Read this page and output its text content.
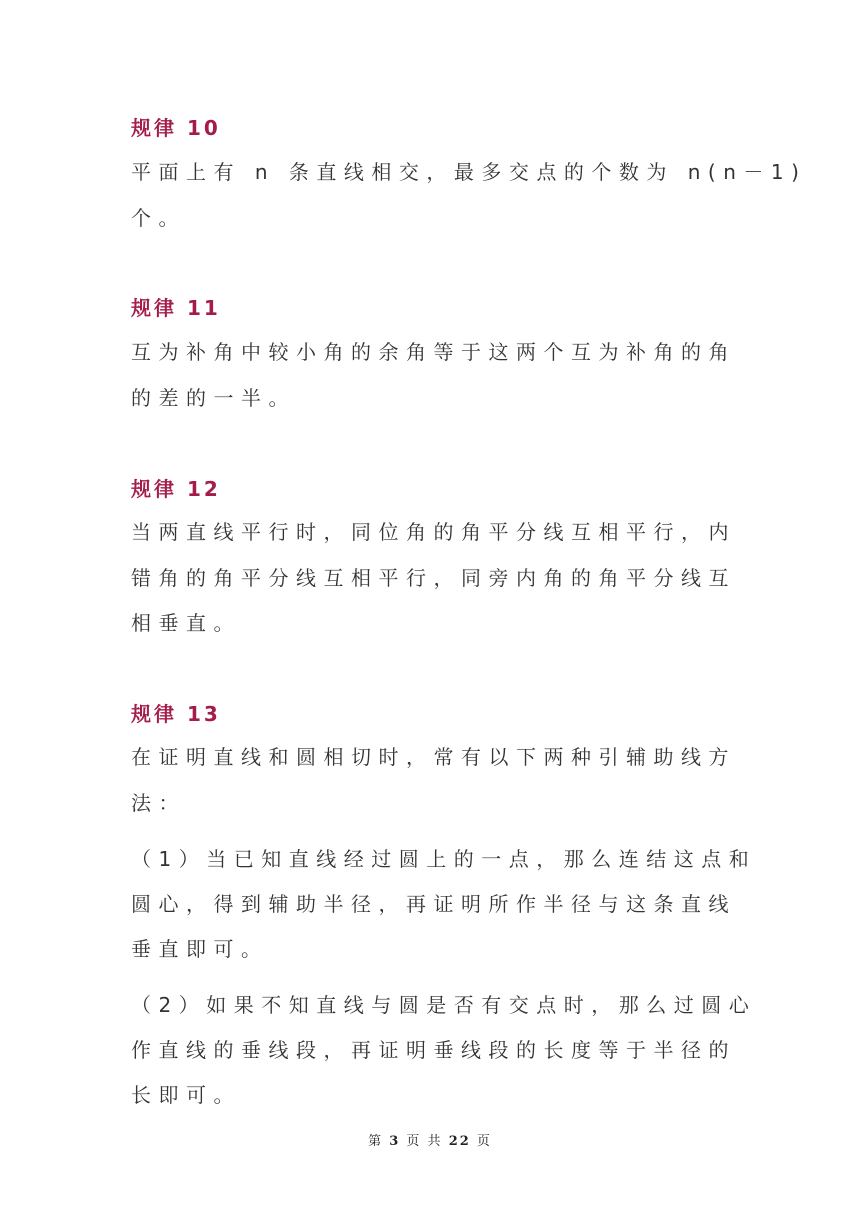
规律 10

平面上有 n 条直线相交，最多交点的个数为 n(n－1)

个。

规律 11

互为补角中较小角的余角等于这两个互为补角的角

的差的一半。

规律 12

当两直线平行时，同位角的角平分线互相平行，内

错角的角平分线互相平行，同旁内角的角平分线互

相垂直。

规律 13

在证明直线和圆相切时，常有以下两种引辅助线方

法：

（1）当已知直线经过圆上的一点，那么连结这点和

圆心，得到辅助半径，再证明所作半径与这条直线

垂直即可。

（2）如果不知直线与圆是否有交点时，那么过圆心

作直线的垂线段，再证明垂线段的长度等于半径的

长即可。

第 3 页 共 22 页
